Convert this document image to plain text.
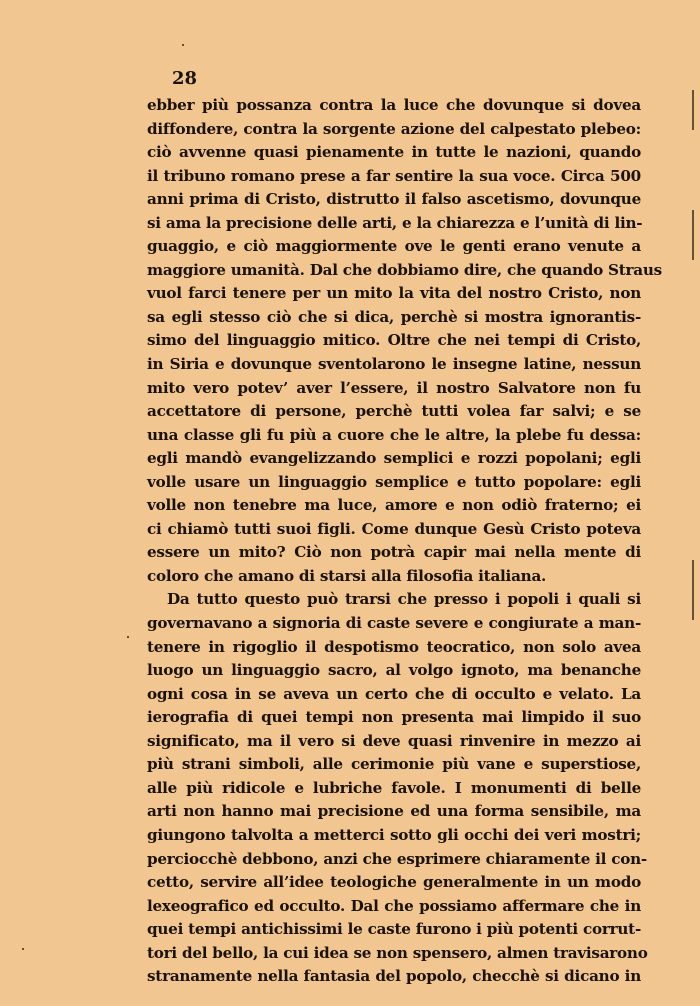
28
ebber più possanza contra la luce che dovunque si dovea
diffondere, contra la sorgente azione del calpestato plebeo:
ciò avvenne quasi pienamente in tutte le nazioni, quando
il tribuno romano prese a far sentire la sua voce. Circa 500
anni prima di Cristo, distrutto il falso ascetismo, dovunque
si ama la precisione delle arti, e la chiarezza e l’unità di lin-
guaggio, e ciò maggiormente ove le genti erano venute a
maggiore umanità. Dal che dobbiamo dire, che quando Straus
vuol farci tenere per un mito la vita del nostro Cristo, non
sa egli stesso ciò che si dica, perchè si mostra ignorantis-
simo del linguaggio mitico. Oltre che nei tempi di Cristo,
in Siria e dovunque sventolarono le insegne latine, nessun
mito vero potev’ aver l’essere, il nostro Salvatore non fu
accettatore di persone, perchè tutti volea far salvi; e se
una classe gli fu più a cuore che le altre, la plebe fu dessa:
egli mandò evangelizzando semplici e rozzi popolani; egli
volle usare un linguaggio semplice e tutto popolare: egli
volle non tenebre ma luce, amore e non odiò fraterno; ei
ci chiamò tutti suoi figli. Come dunque Gesù Cristo poteva
essere un mito? Ciò non potrà capir mai nella mente di
coloro che amano di starsi alla filosofia italiana.
Da tutto questo può trarsi che presso i popoli i quali si
governavano a signoria di caste severe e congiurate a man-
tenere in rigoglio il despotismo teocratico, non solo avea
luogo un linguaggio sacro, al volgo ignoto, ma benanche
ogni cosa in se aveva un certo che di occulto e velato. La
ierografia di quei tempi non presenta mai limpido il suo
significato, ma il vero si deve quasi rinvenire in mezzo ai
più strani simboli, alle cerimonie più vane e superstiose,
alle più ridicole e lubriche favole. I monumenti di belle
arti non hanno mai precisione ed una forma sensibile, ma
giungono talvolta a metterci sotto gli occhi dei veri mostri;
perciocchè debbono, anzi che esprimere chiaramente il con-
cetto, servire all’idee teologiche generalmente in un modo
lexeografico ed occulto. Dal che possiamo affermare che in
quei tempi antichissimi le caste furono i più potenti corrut-
tori del bello, la cui idea se non spensero, almen travisarono
stranamente nella fantasia del popolo, checchè si dicano in
